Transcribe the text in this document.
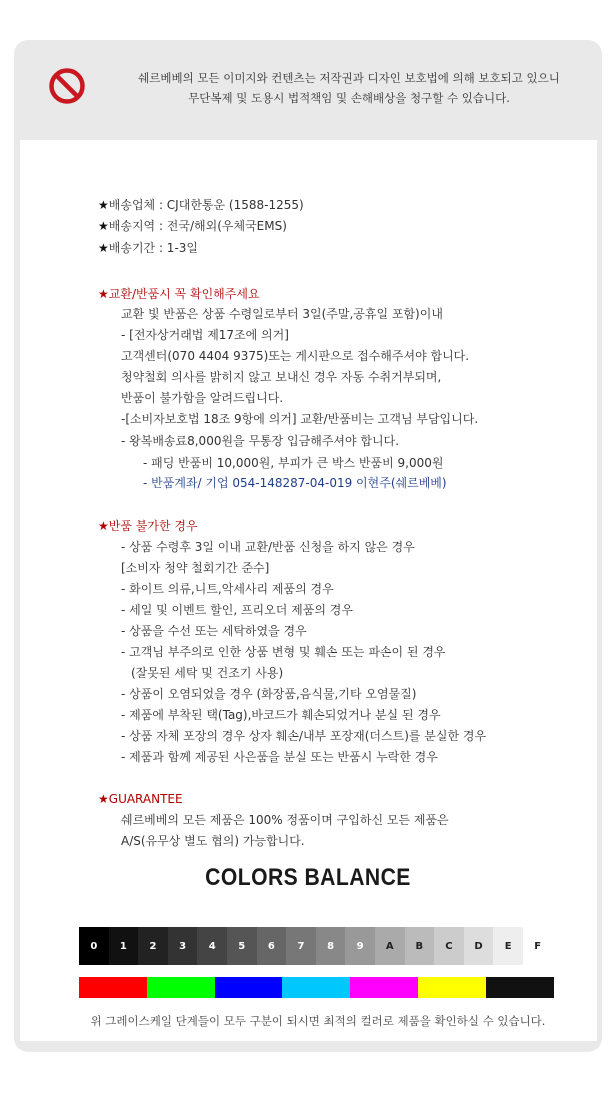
쉐르베베의 모든 이미지와 컨텐츠는 저작권과 디자인 보호법에 의해 보호되고 있으니
무단복제 및 도용시 법적책임 및 손해배상을 청구할 수 있습니다.
★배송업체 : CJ대한통운 (1588-1255)
★배송지역 : 전국/해외(우체국EMS)
★배송기간 : 1-3일
★교환/반품시 꼭 확인해주세요
교환 빛 반품은 상품 수령일로부터 3일(주말,공휴일 포함)이내
- [전자상거래법 제17조에 의거]
고객센터(070 4404 9375)또는 게시판으로 접수해주셔야 합니다.
청약철회 의사를 밝히지 않고 보내신 경우 자동 수취거부되며,
반품이 불가함을 알려드립니다.
-[소비자보호법 18조 9항에 의거] 교환/반품비는 고객님 부담입니다.
- 왕복배송료8,000원을 무통장 입금해주셔야 합니다.
- 패딩 반품비 10,000원, 부피가 큰 박스 반품비 9,000원
- 반품계좌/ 기업 054-148287-04-019 이현주(쉐르베베)
★반품 불가한 경우
- 상품 수령후 3일 이내 교환/반품 신청을 하지 않은 경우
[소비자 청약 철회기간 준수]
- 화이트 의류,니트,악세사리 제품의 경우
- 세일 및 이벤트 할인, 프리오더 제품의 경우
- 상품을 수선 또는 세탁하였을 경우
- 고객님 부주의로 인한 상품 변형 및 훼손 또는 파손이 된 경우
(잘못된 세탁 및 건조기 사용)
- 상품이 오염되었을 경우 (화장품,음식물,기타 오염물질)
- 제품에 부착된 택(Tag),바코드가 훼손되었거나 분실 된 경우
- 상품 자체 포장의 경우 상자 훼손/내부 포장재(더스트)를 분실한 경우
- 제품과 함께 제공된 사은품을 분실 또는 반품시 누락한 경우
★GUARANTEE
쉐르베베의 모든 제품은 100% 정품이며 구입하신 모든 제품은
A/S(유무상 별도 협의) 가능합니다.
COLORS BALANCE
0	1	2	3	4	5	6	7	8	9	A	B	C	D	E	F
위 그레이스케일 단계들이 모두 구분이 되시면 최적의 컬러로 제품을 확인하실 수 있습니다.
